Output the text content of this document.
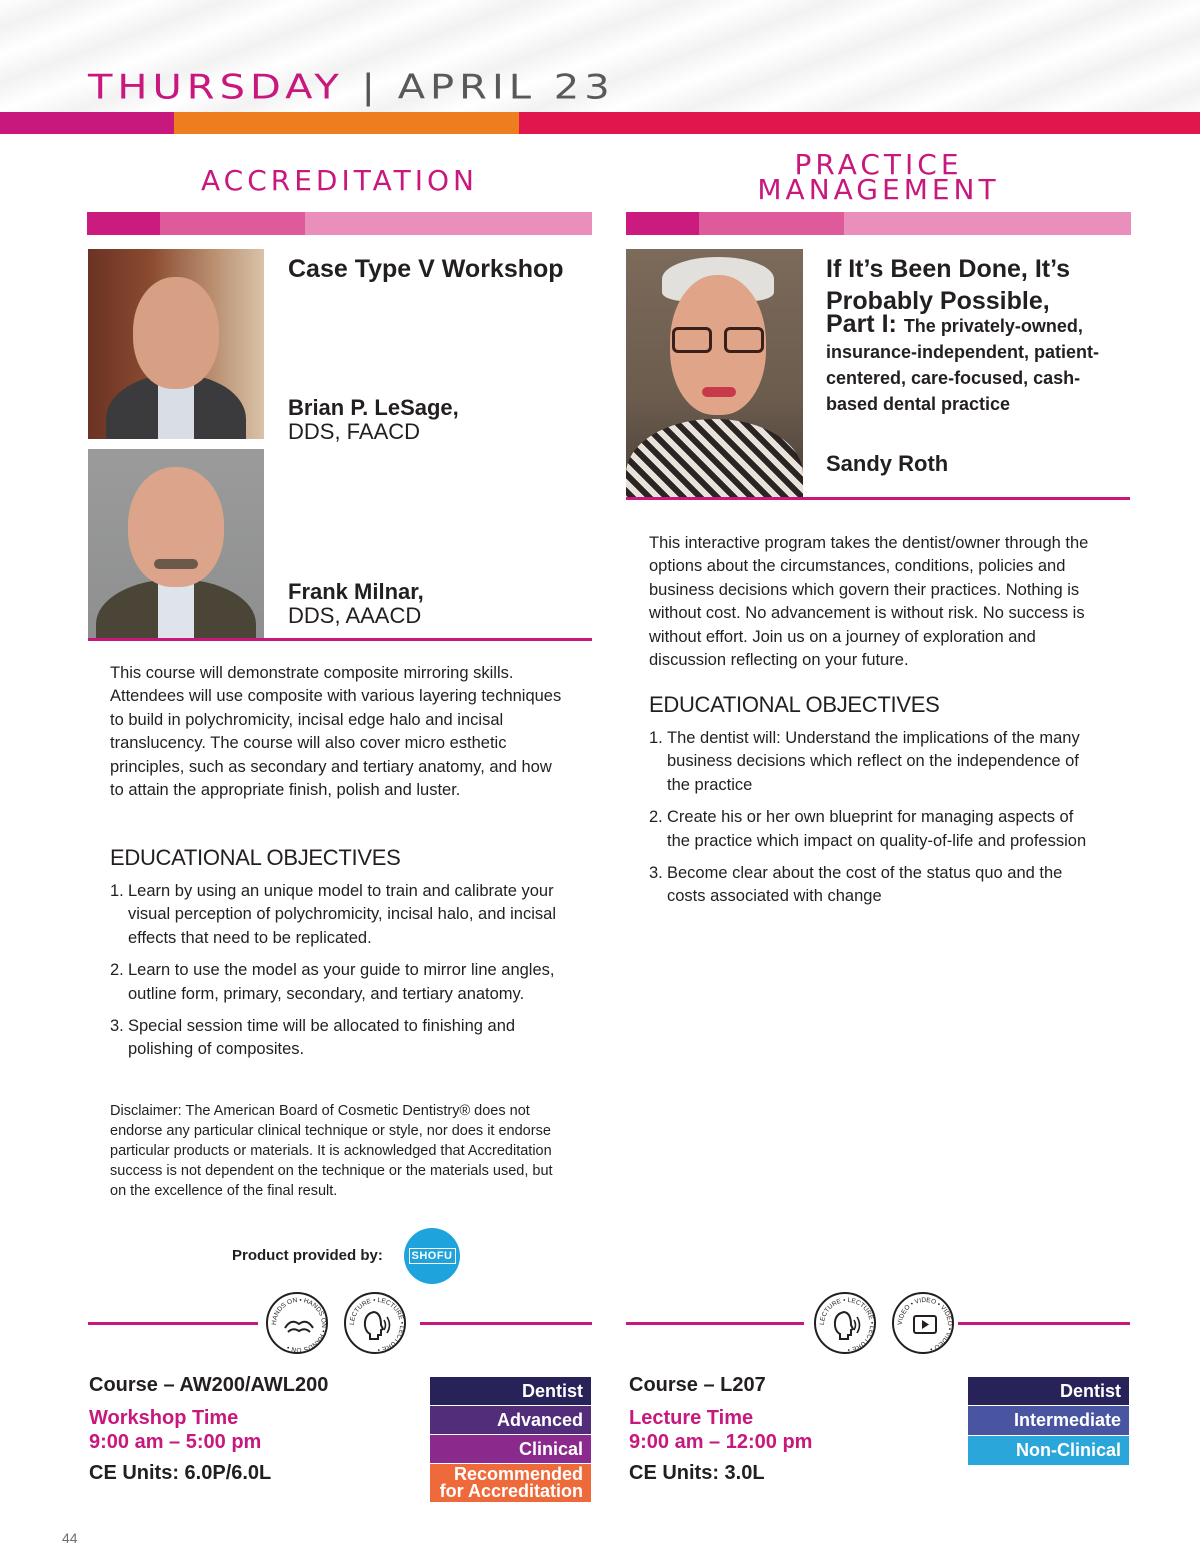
THURSDAY | APRIL 23
ACCREDITATION	PRACTICE MANAGEMENT
Case Type V Workshop
Brian P. LeSage,
DDS, FAACD
Frank Milnar,
DDS, AAACD
This course will demonstrate composite mirroring skills. Attendees will use composite with various layering techniques to build in polychromicity, incisal edge halo and incisal translucency. The course will also cover micro esthetic principles, such as secondary and tertiary anatomy, and how to attain the appropriate finish, polish and luster.
EDUCATIONAL OBJECTIVES
1. Learn by using an unique model to train and calibrate your visual perception of polychromicity, incisal halo, and incisal effects that need to be replicated.
2. Learn to use the model as your guide to mirror line angles, outline form, primary, secondary, and tertiary anatomy.
3. Special session time will be allocated to finishing and polishing of composites.
Disclaimer: The American Board of Cosmetic Dentistry® does not endorse any particular clinical technique or style, nor does it endorse particular products or materials. It is acknowledged that Accreditation success is not dependent on the technique or the materials used, but on the excellence of the final result.
Product provided by:	SHOFU
HANDS ON • HANDS ON • HANDS ON •
LECTURE • LECTURE • LECTURE •
Course – AW200/AWL200
Workshop Time
9:00 am – 5:00 pm
CE Units: 6.0P/6.0L
Dentist
Advanced
Clinical
Recommended for Accreditation
If It’s Been Done, It’s
Probably Possible,
Part I: The privately-owned, insurance-independent, patient-centered, care-focused, cash-based dental practice
Sandy Roth
This interactive program takes the dentist/owner through the options about the circumstances, conditions, policies and business decisions which govern their practices. Nothing is without cost. No advancement is without risk. No success is without effort. Join us on a journey of exploration and discussion reflecting on your future.
EDUCATIONAL OBJECTIVES
1. The dentist will: Understand the implications of the many business decisions which reflect on the independence of the practice
2. Create his or her own blueprint for managing aspects of the practice which impact on quality-of-life and profession
3. Become clear about the cost of the status quo and the costs associated with change
LECTURE • LECTURE • LECTURE •
VIDEO • VIDEO • VIDEO • VIDEO •
Course – L207
Lecture Time
9:00 am – 12:00 pm
CE Units: 3.0L
Dentist
Intermediate
Non-Clinical
44
